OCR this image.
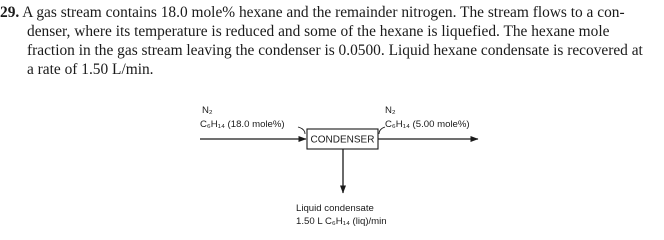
29. A gas stream contains 18.0 mole% hexane and the remainder nitrogen. The stream flows to a con-
denser, where its temperature is reduced and some of the hexane is liquefied. The hexane mole
fraction in the gas stream leaving the condenser is 0.0500. Liquid hexane condensate is recovered at
a rate of 1.50 L/min.
N₂
C₆H₁₄ (18.0 mole%)
CONDENSER
N₂
C₆H₁₄ (5.00 mole%)
Liquid condensate
1.50 L C₆H₁₄ (liq)/min
